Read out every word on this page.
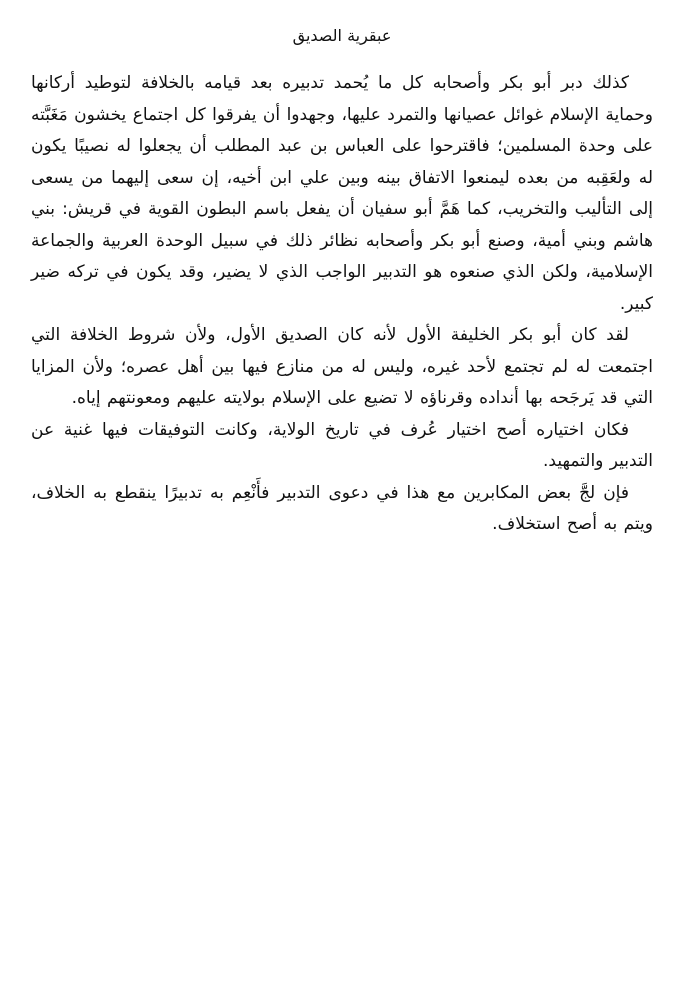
عبقرية الصديق

كذلك دبر أبو بكر وأصحابه كل ما يُحمد تدبيره بعد قيامه بالخلافة لتوطيد أركانها وحماية الإسلام غوائل عصيانها والتمرد عليها، وجهدوا أن يفرقوا كل اجتماع يخشون مَغَبَّته على وحدة المسلمين؛ فاقترحوا على العباس بن عبد المطلب أن يجعلوا له نصيبًا يكون له ولعَقِبه من بعده ليمنعوا الاتفاق بينه وبين علي ابن أخيه، إن سعى إليهما من يسعى إلى التأليب والتخريب، كما هَمَّ أبو سفيان أن يفعل باسم البطون القوية في قريش: بني هاشم وبني أمية، وصنع أبو بكر وأصحابه نظائر ذلك في سبيل الوحدة العربية والجماعة الإسلامية، ولكن الذي صنعوه هو التدبير الواجب الذي لا يضير، وقد يكون في تركه ضير كبير.

لقد كان أبو بكر الخليفة الأول لأنه كان الصديق الأول، ولأن شروط الخلافة التي اجتمعت له لم تجتمع لأحد غيره، وليس له من منازع فيها بين أهل عصره؛ ولأن المزايا التي قد يَرجَحه بها أنداده وقرناؤه لا تضيع على الإسلام بولايته عليهم ومعونتهم إياه.

فكان اختياره أصح اختيار عُرف في تاريخ الولاية، وكانت التوفيقات فيها غنية عن التدبير والتمهيد.

فإن لجَّ بعض المكابرين مع هذا في دعوى التدبير فأَنْعِم به تدبيرًا ينقطع به الخلاف، ويتم به أصح استخلاف.
